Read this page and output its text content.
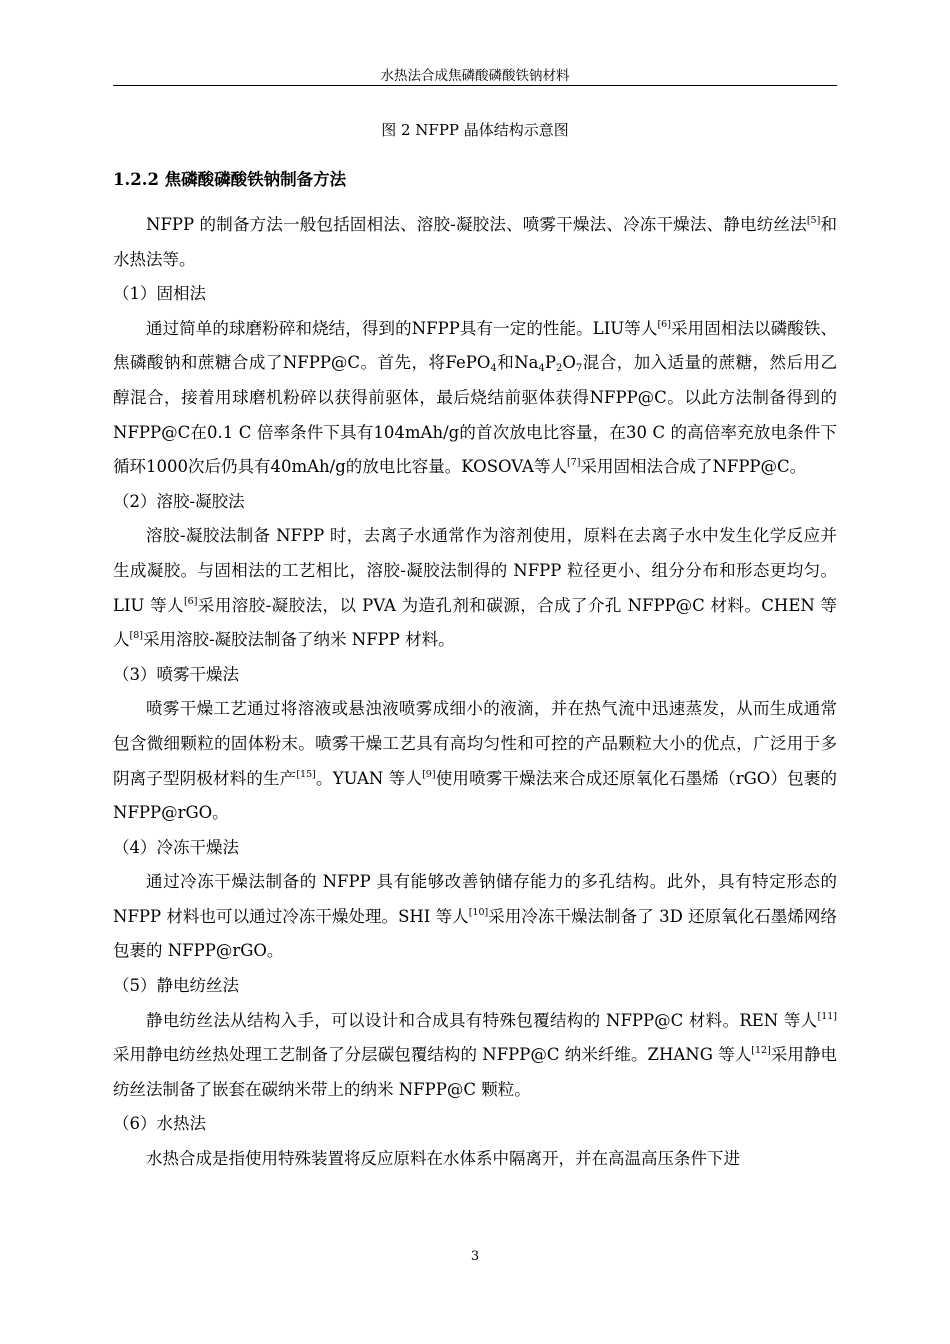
水热法合成焦磷酸磷酸铁钠材料
图 2 NFPP 晶体结构示意图
1.2.2 焦磷酸磷酸铁钠制备方法

NFPP 的制备方法一般包括固相法、溶胶-凝胶法、喷雾干燥法、冷冻干燥法、静电纺丝法[5]和水热法等。

（1）固相法

通过简单的球磨粉碎和烧结，得到的NFPP具有一定的性能。LIU等人[6]采用固相法以磷酸铁、焦磷酸钠和蔗糖合成了NFPP@C。首先，将FePO$_4$和$Na_4P_2O_7$混合，加入适量的蔗糖，然后用乙醇混合，接着用球磨机粉碎以获得前驱体，最后烧结前驱体获得NFPP@C。以此方法制备得到的NFPP@C在0.1 C 倍率条件下具有104mAh/g的首次放电比容量，在30 C 的高倍率充放电条件下循环1000次后仍具有40mAh/g的放电比容量。KOSOVA等人[7]采用固相法合成了NFPP@C。

（2）溶胶-凝胶法

溶胶-凝胶法制备 NFPP 时，去离子水通常作为溶剂使用，原料在去离子水中发生化学反应并生成凝胶。与固相法的工艺相比，溶胶-凝胶法制得的 NFPP 粒径更小、组分分布和形态更均匀。LIU 等人[6]采用溶胶-凝胶法，以 PVA 为造孔剂和碳源，合成了介孔 NFPP@C 材料。CHEN 等人[8]采用溶胶-凝胶法制备了纳米 NFPP 材料。

（3）喷雾干燥法

喷雾干燥工艺通过将溶液或悬浊液喷雾成细小的液滴，并在热气流中迅速蒸发，从而生成通常包含微细颗粒的固体粉末。喷雾干燥工艺具有高均匀性和可控的产品颗粒大小的优点，广泛用于多阴离子型阴极材料的生产[15]。YUAN 等人[9]使用喷雾干燥法来合成还原氧化石墨烯（rGO）包裹的 NFPP@rGO。

（4）冷冻干燥法

通过冷冻干燥法制备的 NFPP 具有能够改善钠储存能力的多孔结构。此外，具有特定形态的 NFPP 材料也可以通过冷冻干燥处理。SHI 等人[10]采用冷冻干燥法制备了 3D 还原氧化石墨烯网络包裹的 NFPP@rGO。

（5）静电纺丝法

静电纺丝法从结构入手，可以设计和合成具有特殊包覆结构的 NFPP@C 材料。REN 等人[11]采用静电纺丝热处理工艺制备了分层碳包覆结构的 NFPP@C 纳米纤维。ZHANG 等人[12]采用静电纺丝法制备了嵌套在碳纳米带上的纳米 NFPP@C 颗粒。

（6）水热法

水热合成是指使用特殊装置将反应原料在水体系中隔离开，并在高温高压条件下进

3
